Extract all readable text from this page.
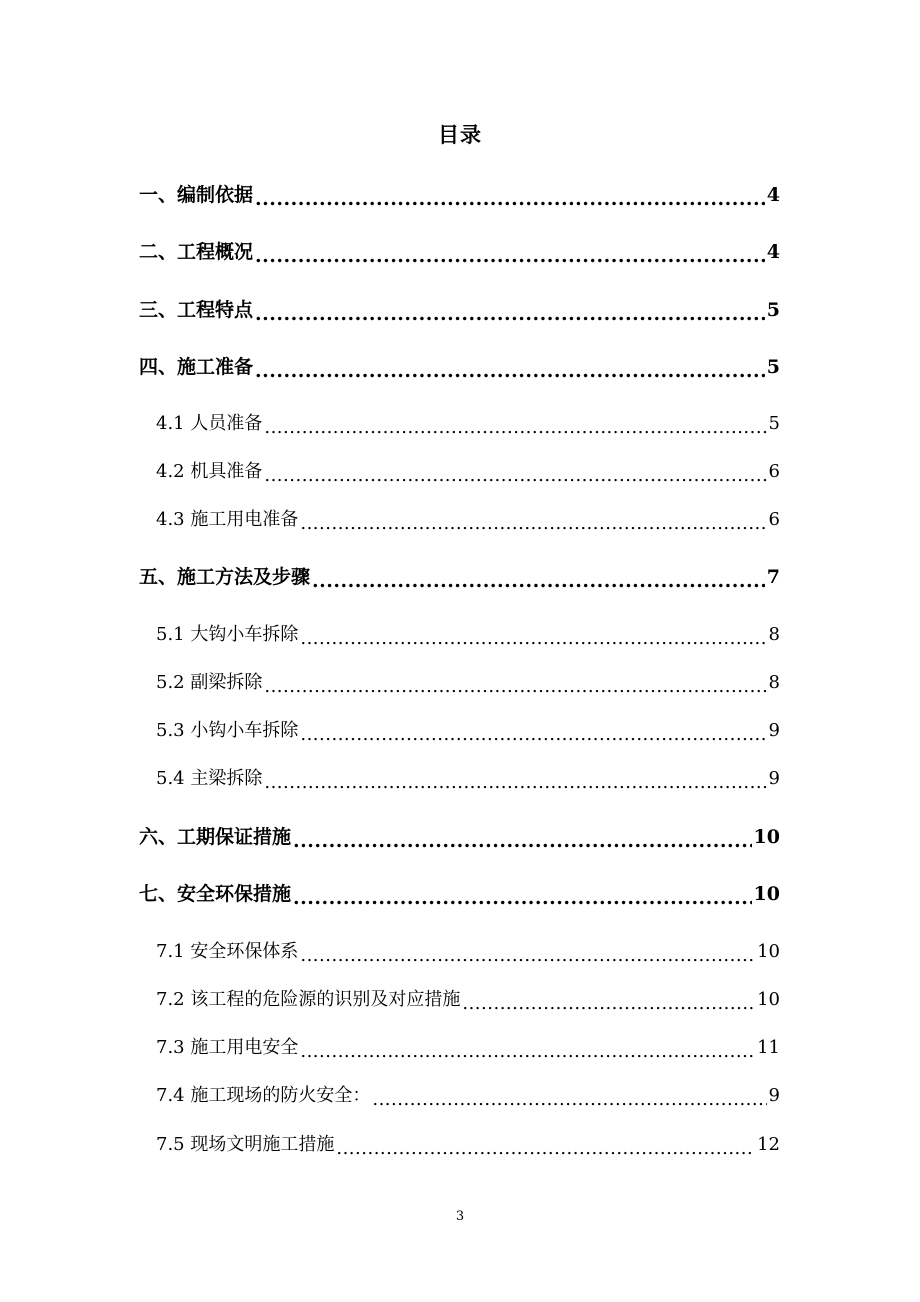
目录
一、编制依据 .....	4
二、工程概况 .....	4
三、工程特点 .....	5
四、施工准备 .....	5
4.1 人员准备 .....	5
4.2 机具准备 .....	6
4.3 施工用电准备 .....	6
五、施工方法及步骤 .....	7
5.1 大钩小车拆除 .....	8
5.2 副梁拆除 .....	8
5.3 小钩小车拆除 .....	9
5.4 主梁拆除 .....	9
六、工期保证措施 .....	10
七、安全环保措施 .....	10
7.1 安全环保体系 .....	10
7.2 该工程的危险源的识别及对应措施 .....	10
7.3 施工用电安全 .....	11
7.4 施工现场的防火安全： .....	9
7.5 现场文明施工措施 .....	12
3
